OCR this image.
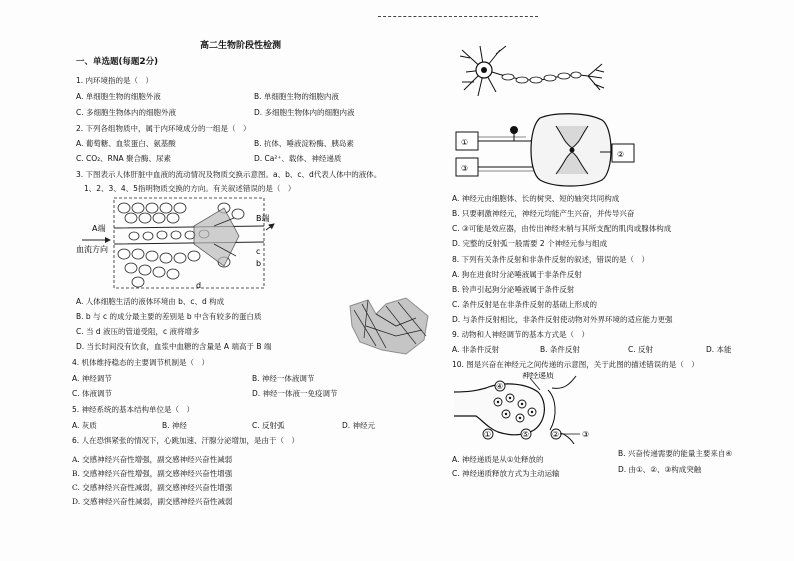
高二生物阶段性检测
一、单选题(每题2分)
1. 内环境指的是（　）
A. 单细胞生物的细胞外液	B. 单细胞生物的细胞内液
C. 多细胞生物体内的细胞外液	D. 多细胞生物体内的细胞内液
2. 下列各组物质中，属于内环境成分的一组是（　）
A. 葡萄糖、血浆蛋白、氨基酸	B. 抗体、唾液淀粉酶、胰岛素
C. CO₂、RNA 聚合酶、尿素	D. Ca²⁺、载体、神经递质
3. 下图表示人体肝脏中血液的流动情况及物质交换示意图。a、b、c、d代表人体中的液体。
1、2、3、4、5指明物质交换的方向。有关叙述错误的是（　）
A端
B端
血流方向	c
b
d
A. 人体细胞生活的液体环境由 b、c、d 构成
B. b 与 c 的成分最主要的差别是 b 中含有较多的蛋白质
C. 当 d 液压的管道受阻，c 液将增多
D. 当长时间没有饮食，血浆中血糖的含量是 A 端高于 B 端
4. 机体维持稳态的主要调节机制是（　）
A. 神经调节	B. 神经一体液调节
C. 体液调节	D. 神经一体液一免疫调节
5. 神经系统的基本结构单位是（　）
A. 灰质	B. 神经	C. 反射弧	D. 神经元
6. 人在恐惧紧张的情况下，心跳加速、汗腺分泌增加，是由于（　）
A. 交感神经兴奋性增强，副交感神经兴奋性减弱
B. 交感神经兴奋性增强，副交感神经兴奋性增强
C. 交感神经兴奋性减弱，副交感神经兴奋性增强
D. 交感神经兴奋性减弱，副交感神经兴奋性减弱
①
③
②
A. 神经元由细胞体、长的树突、短的轴突共同构成
B. 只要刺激神经元，神经元均能产生兴奋，并传导兴奋
C. ③可能是效应器，由传出神经末梢与其所支配的肌肉或腺体构成
D. 完整的反射弧一般需要 2 个神经元参与组成
8. 下列有关条件反射和非条件反射的叙述，错误的是（　）
A. 狗在进食时分泌唾液属于非条件反射
B. 铃声引起狗分泌唾液属于条件反射
C. 条件反射是在非条件反射的基础上形成的
D. 与条件反射相比，非条件反射使动物对外界环境的适应能力更强
9. 动物和人神经调节的基本方式是（　）
A. 非条件反射	B. 条件反射	C. 反射	D. 本能
10. 图是兴奋在神经元之间传递的示意图，关于此图的描述错误的是（　）
④
神经递质
①	⑤	②	③
A. 神经递质是从①处释放的
B. 兴奋传递需要的能量主要来自④
C. 神经递质释放方式为主动运输	D. 由①、②、③构成突触
